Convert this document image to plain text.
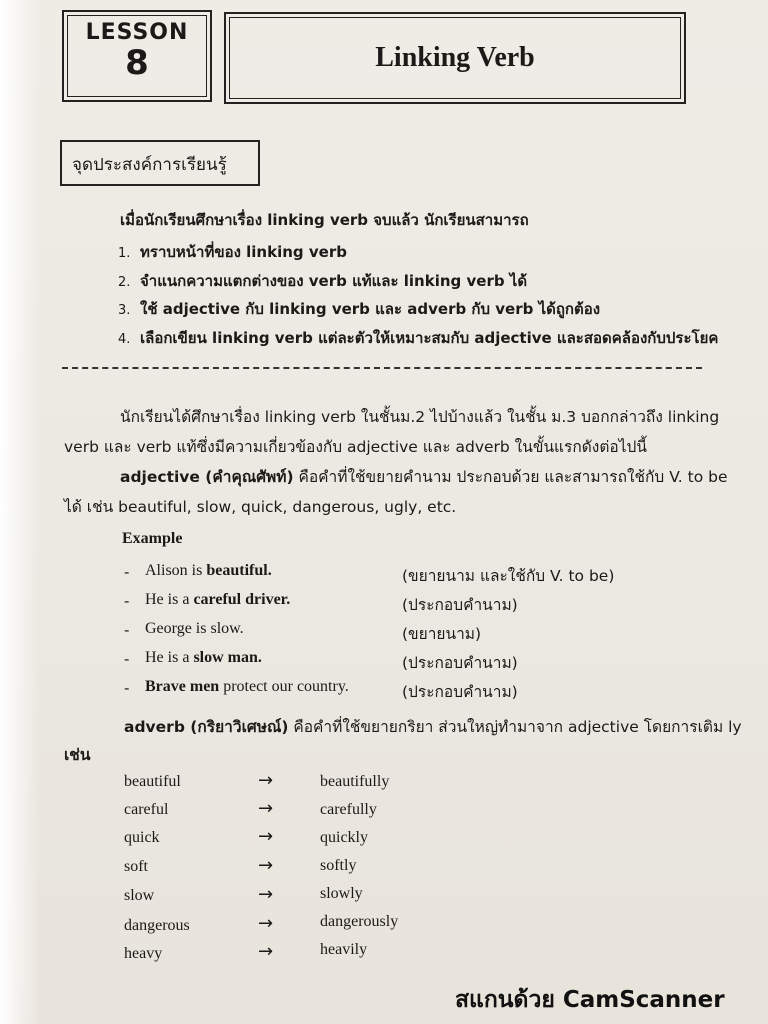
LESSON
8	Linking Verb
จุดประสงค์การเรียนรู้
เมื่อนักเรียนศึกษาเรื่อง linking verb จบแล้ว นักเรียนสามารถ
1. ทราบหน้าที่ของ linking verb
2. จำแนกความแตกต่างของ verb แท้และ linking verb ได้
3. ใช้ adjective กับ linking verb และ adverb กับ verb ได้ถูกต้อง
4. เลือกเขียน linking verb แต่ละตัวให้เหมาะสมกับ adjective และสอดคล้องกับประโยค
นักเรียนได้ศึกษาเรื่อง linking verb ในชั้นม.2 ไปบ้างแล้ว ในชั้น ม.3 บอกกล่าวถึง linking
verb และ verb แท้ซึ่งมีความเกี่ยวข้องกับ adjective และ adverb ในขั้นแรกดังต่อไปนี้
adjective (คำคุณศัพท์) คือคำที่ใช้ขยายคำนาม ประกอบด้วย และสามารถใช้กับ V. to be
ได้ เช่น beautiful, slow, quick, dangerous, ugly, etc.
Example
- Alison is beautiful.	(ขยายนาม และใช้กับ V. to be)
- He is a careful driver.	(ประกอบคำนาม)
- George is slow.	(ขยายนาม)
- He is a slow man.	(ประกอบคำนาม)
- Brave men protect our country.	(ประกอบคำนาม)
adverb (กริยาวิเศษณ์) คือคำที่ใช้ขยายกริยา ส่วนใหญ่ทำมาจาก adjective โดยการเติม ly
เช่น
beautiful	→	beautifully
careful	→	carefully
quick	→	quickly
soft	→	softly
slow	→	slowly
dangerous	→	dangerously
heavy	→	heavily
สแกนด้วย CamScanner
